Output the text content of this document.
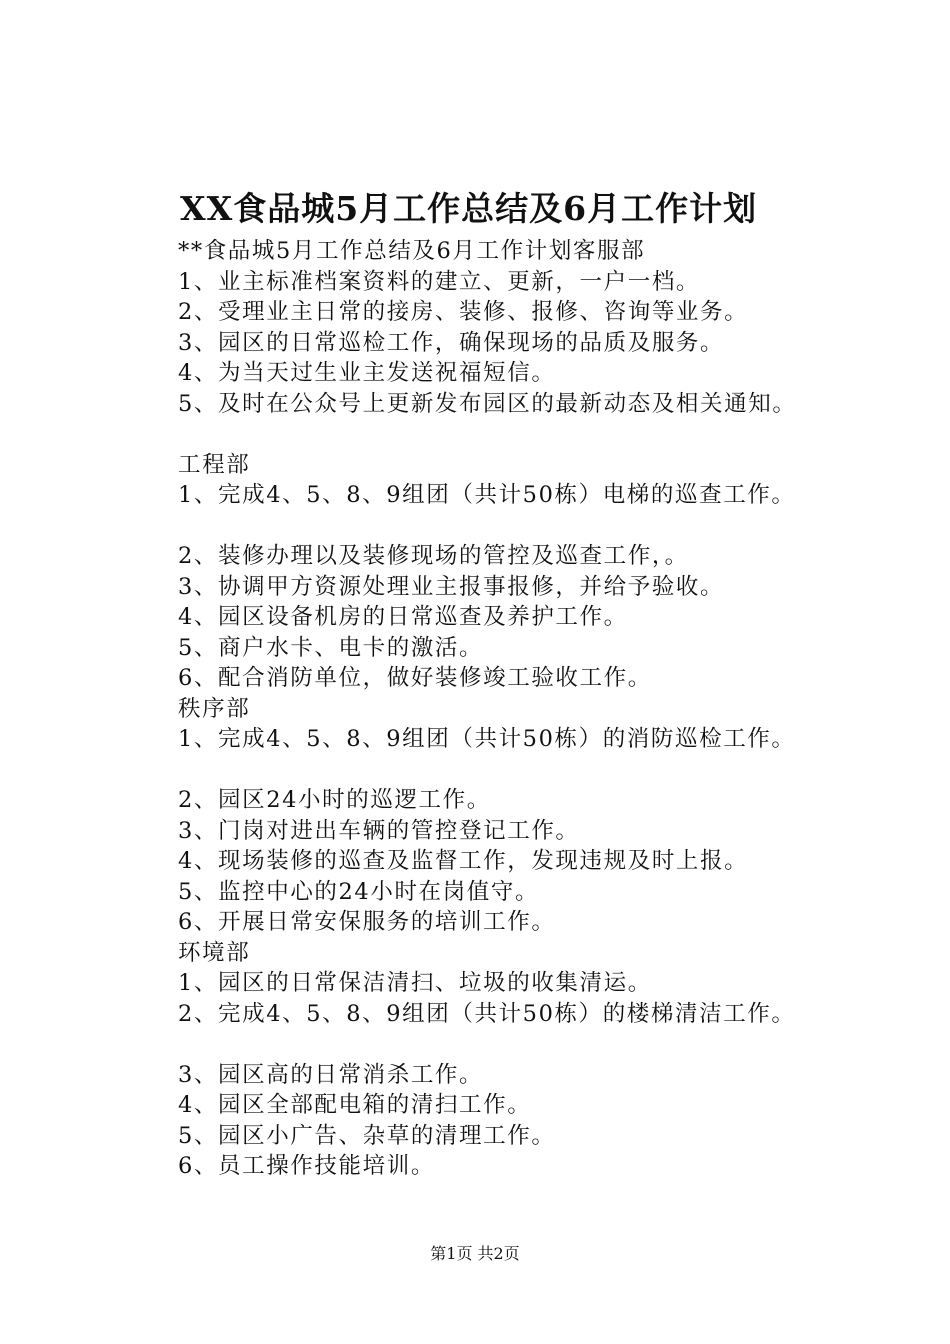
XX食品城5月工作总结及6月工作计划
**食品城5月工作总结及6月工作计划客服部
1、业主标准档案资料的建立、更新，一户一档。
2、受理业主日常的接房、装修、报修、咨询等业务。
3、园区的日常巡检工作，确保现场的品质及服务。
4、为当天过生业主发送祝福短信。
5、及时在公众号上更新发布园区的最新动态及相关通知。
工程部
1、完成4、5、8、9组团（共计50栋）电梯的巡查工作。
2、装修办理以及装修现场的管控及巡查工作，。
3、协调甲方资源处理业主报事报修，并给予验收。
4、园区设备机房的日常巡查及养护工作。
5、商户水卡、电卡的激活。
6、配合消防单位，做好装修竣工验收工作。
秩序部
1、完成4、5、8、9组团（共计50栋）的消防巡检工作。
2、园区24小时的巡逻工作。
3、门岗对进出车辆的管控登记工作。
4、现场装修的巡查及监督工作，发现违规及时上报。
5、监控中心的24小时在岗值守。
6、开展日常安保服务的培训工作。
环境部
1、园区的日常保洁清扫、垃圾的收集清运。
2、完成4、5、8、9组团（共计50栋）的楼梯清洁工作。
3、园区高的日常消杀工作。
4、园区全部配电箱的清扫工作。
5、园区小广告、杂草的清理工作。
6、员工操作技能培训。
第1页 共2页
